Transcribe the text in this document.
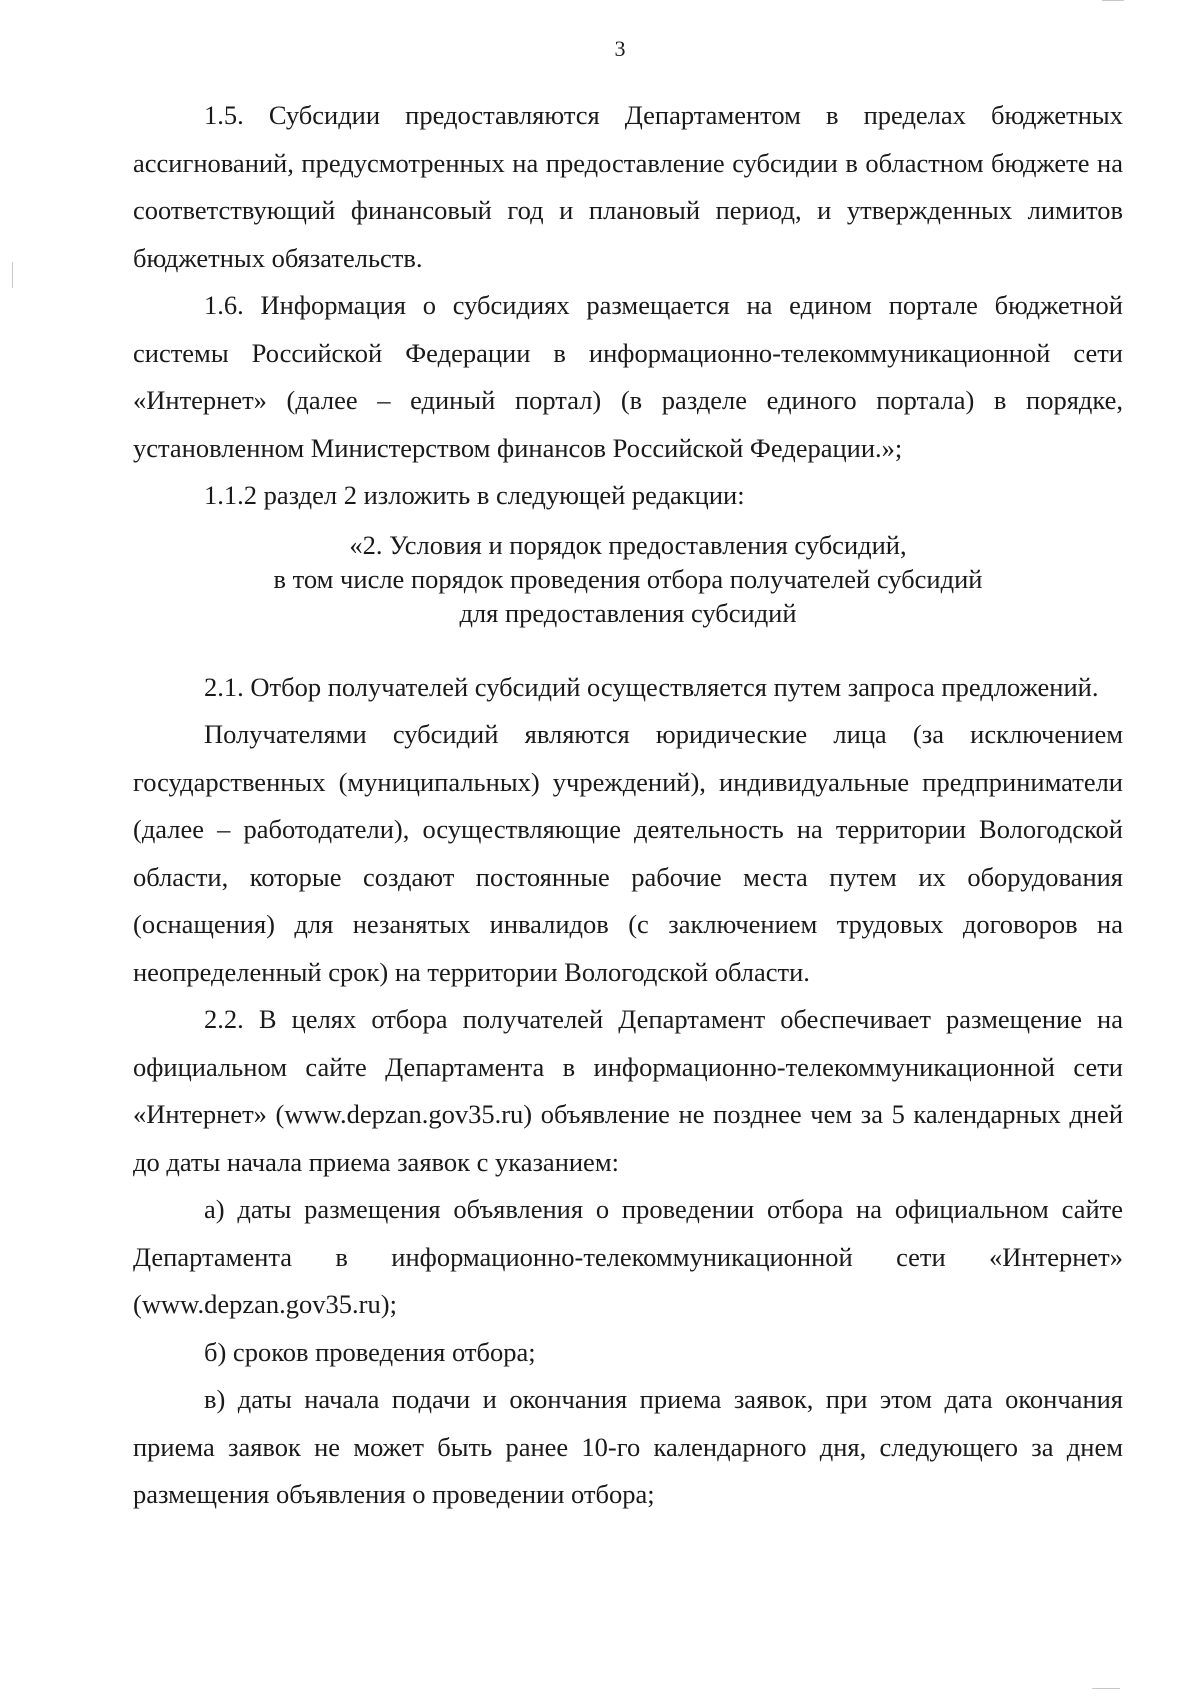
3

1.5. Субсидии предоставляются Департаментом в пределах бюджетных ассигнований, предусмотренных на предоставление субсидии в областном бюджете на соответствующий финансовый год и плановый период, и утвержденных лимитов бюджетных обязательств.

1.6. Информация о субсидиях размещается на едином портале бюджетной системы Российской Федерации в информационно-телекоммуникационной сети «Интернет» (далее – единый портал) (в разделе единого портала) в порядке, установленном Министерством финансов Российской Федерации.»;

1.1.2 раздел 2 изложить в следующей редакции:

«2. Условия и порядок предоставления субсидий,
в том числе порядок проведения отбора получателей субсидий
для предоставления субсидий

2.1. Отбор получателей субсидий осуществляется путем запроса предложений.

Получателями субсидий являются юридические лица (за исключением государственных (муниципальных) учреждений), индивидуальные предприниматели (далее – работодатели), осуществляющие деятельность на территории Вологодской области, которые создают постоянные рабочие места путем их оборудования (оснащения) для незанятых инвалидов (с заключением трудовых договоров на неопределенный срок) на территории Вологодской области.

2.2. В целях отбора получателей Департамент обеспечивает размещение на официальном сайте Департамента в информационно-телекоммуникационной сети «Интернет» (www.depzan.gov35.ru) объявление не позднее чем за 5 календарных дней до даты начала приема заявок с указанием:

а) даты размещения объявления о проведении отбора на официальном сайте Департамента в информационно-телекоммуникационной сети «Интернет» (www.depzan.gov35.ru);

б) сроков проведения отбора;

в) даты начала подачи и окончания приема заявок, при этом дата окончания приема заявок не может быть ранее 10-го календарного дня, следующего за днем размещения объявления о проведении отбора;
